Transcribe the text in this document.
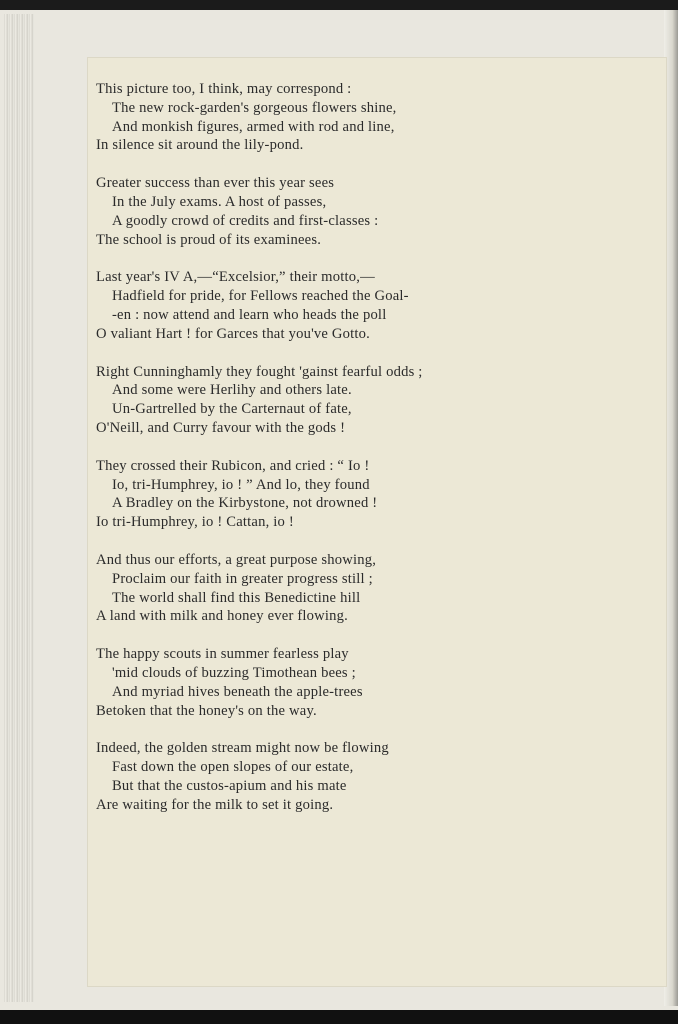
This picture too, I think, may correspond :
The new rock-garden's gorgeous flowers shine,
And monkish figures, armed with rod and line,
In silence sit around the lily-pond.
Greater success than ever this year sees
In the July exams. A host of passes,
A goodly crowd of credits and first-classes :
The school is proud of its examinees.
Last year's IV A,—“Excelsior,” their motto,—
Hadfield for pride, for Fellows reached the Goal-
-en : now attend and learn who heads the poll
O valiant Hart ! for Garces that you've Gotto.
Right Cunninghamly they fought 'gainst fearful odds ;
And some were Herlihy and others late.
Un-Gartrelled by the Carternaut of fate,
O'Neill, and Curry favour with the gods !
They crossed their Rubicon, and cried : “ Io !
Io, tri-Humphrey, io ! ” And lo, they found
A Bradley on the Kirbystone, not drowned !
Io tri-Humphrey, io ! Cattan, io !
And thus our efforts, a great purpose showing,
Proclaim our faith in greater progress still ;
The world shall find this Benedictine hill
A land with milk and honey ever flowing.
The happy scouts in summer fearless play
'mid clouds of buzzing Timothean bees ;
And myriad hives beneath the apple-trees
Betoken that the honey's on the way.
Indeed, the golden stream might now be flowing
Fast down the open slopes of our estate,
But that the custos-apium and his mate
Are waiting for the milk to set it going.
